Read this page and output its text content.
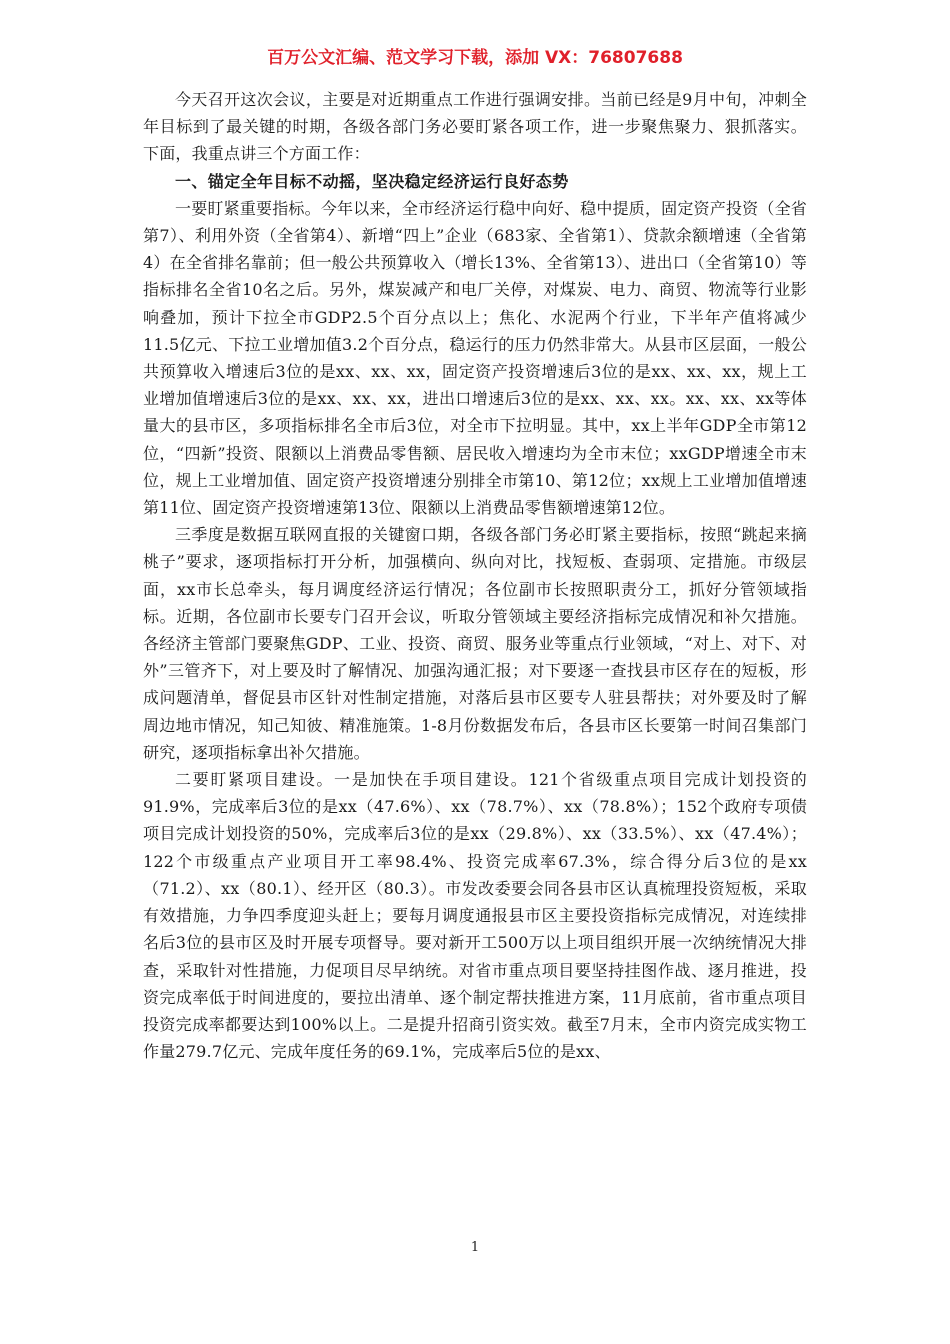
百万公文汇编、范文学习下载，添加 VX：76807688

今天召开这次会议，主要是对近期重点工作进行强调安排。当前已经是9月中旬，冲刺全年目标到了最关键的时期，各级各部门务必要盯紧各项工作，进一步聚焦聚力、狠抓落实。下面，我重点讲三个方面工作：

一、锚定全年目标不动摇，坚决稳定经济运行良好态势

一要盯紧重要指标。今年以来，全市经济运行稳中向好、稳中提质，固定资产投资（全省第7）、利用外资（全省第4）、新增“四上”企业（683家、全省第1）、贷款余额增速（全省第4）在全省排名靠前；但一般公共预算收入（增长13%、全省第13）、进出口（全省第10）等指标排名全省10名之后。另外，煤炭减产和电厂关停，对煤炭、电力、商贸、物流等行业影响叠加，预计下拉全市GDP2.5个百分点以上；焦化、水泥两个行业，下半年产值将减少11.5亿元、下拉工业增加值3.2个百分点，稳运行的压力仍然非常大。从县市区层面，一般公共预算收入增速后3位的是xx、xx、xx，固定资产投资增速后3位的是xx、xx、xx，规上工业增加值增速后3位的是xx、xx、xx，进出口增速后3位的是xx、xx、xx。xx、xx、xx等体量大的县市区，多项指标排名全市后3位，对全市下拉明显。其中，xx上半年GDP全市第12位，“四新”投资、限额以上消费品零售额、居民收入增速均为全市末位；xxGDP增速全市末位，规上工业增加值、固定资产投资增速分别排全市第10、第12位；xx规上工业增加值增速第11位、固定资产投资增速第13位、限额以上消费品零售额增速第12位。

三季度是数据互联网直报的关键窗口期，各级各部门务必盯紧主要指标，按照“跳起来摘桃子”要求，逐项指标打开分析，加强横向、纵向对比，找短板、查弱项、定措施。市级层面，xx市长总牵头，每月调度经济运行情况；各位副市长按照职责分工，抓好分管领域指标。近期，各位副市长要专门召开会议，听取分管领域主要经济指标完成情况和补欠措施。各经济主管部门要聚焦GDP、工业、投资、商贸、服务业等重点行业领域，“对上、对下、对外”三管齐下，对上要及时了解情况、加强沟通汇报；对下要逐一查找县市区存在的短板，形成问题清单，督促县市区针对性制定措施，对落后县市区要专人驻县帮扶；对外要及时了解周边地市情况，知己知彼、精准施策。1-8月份数据发布后，各县市区长要第一时间召集部门研究，逐项指标拿出补欠措施。

二要盯紧项目建设。一是加快在手项目建设。121个省级重点项目完成计划投资的91.9%，完成率后3位的是xx（47.6%）、xx（78.7%）、xx（78.8%）；152个政府专项债项目完成计划投资的50%，完成率后3位的是xx（29.8%）、xx（33.5%）、xx（47.4%）；122个市级重点产业项目开工率98.4%、投资完成率67.3%，综合得分后3位的是xx（71.2）、xx（80.1）、经开区（80.3）。市发改委要会同各县市区认真梳理投资短板，采取有效措施，力争四季度迎头赶上；要每月调度通报县市区主要投资指标完成情况，对连续排名后3位的县市区及时开展专项督导。要对新开工500万以上项目组织开展一次纳统情况大排查，采取针对性措施，力促项目尽早纳统。对省市重点项目要坚持挂图作战、逐月推进，投资完成率低于时间进度的，要拉出清单、逐个制定帮扶推进方案，11月底前，省市重点项目投资完成率都要达到100%以上。二是提升招商引资实效。截至7月末，全市内资完成实物工作量279.7亿元、完成年度任务的69.1%，完成率后5位的是xx、

1
